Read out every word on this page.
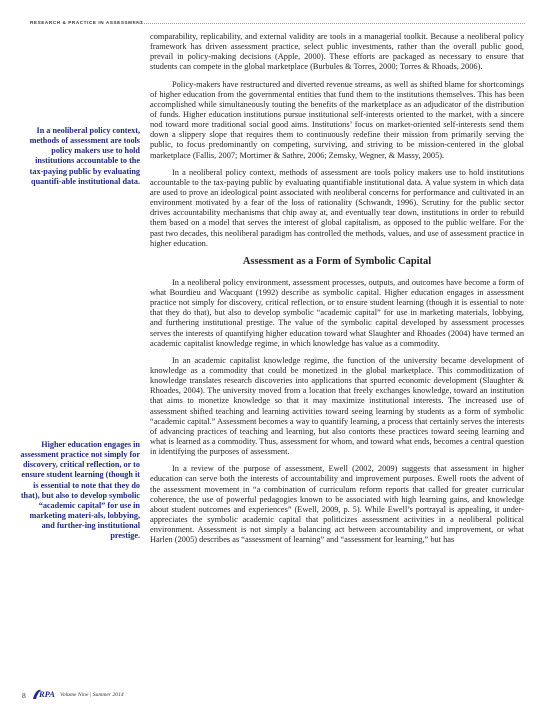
RESEARCH & PRACTICE IN ASSESSMENT
In a neoliberal policy context, methods of assessment are tools policy makers use to hold institutions accountable to the tax-paying public by evaluating quantifi-able institutional data.
Higher education engages in assessment practice not simply for discovery, critical reflection, or to ensure student learning (though it is essential to note that they do that), but also to develop symbolic “academic capital” for use in marketing materi-als, lobbying, and further-ing institutional prestige.

comparability, replicability, and external validity are tools in a managerial toolkit. Because a neoliberal policy framework has driven assessment practice, select public investments, rather than the overall public good, prevail in policy-making decisions (Apple, 2000). These efforts are packaged as necessary to ensure that students can compete in the global marketplace (Burbules & Torres, 2000; Torres & Rhoads, 2006).

Policy-makers have restructured and diverted revenue streams, as well as shifted blame for shortcomings of higher education from the governmental entities that fund them to the institutions themselves. This has been accomplished while simultaneously touting the benefits of the marketplace as an adjudicator of the distribution of funds. Higher education institutions pursue institutional self-interests oriented to the market, with a sincere nod toward more traditional social good aims. Institutions’ focus on market-oriented self-interests send them down a slippery slope that requires them to continuously redefine their mission from primarily serving the public, to focus predominantly on competing, surviving, and striving to be mission-centered in the global marketplace (Fallis, 2007; Mortimer & Sathre, 2006; Zemsky, Wegner, & Massy, 2005).

In a neoliberal policy context, methods of assessment are tools policy makers use to hold institutions accountable to the tax-paying public by evaluating quantifiable institutional data. A value system in which data are used to prove an ideological point associated with neoliberal concerns for performance and cultivated in an environment motivated by a fear of the loss of rationality (Schwandt, 1996). Scrutiny for the public sector drives accountability mechanisms that chip away at, and eventually tear down, institutions in order to rebuild them based on a model that serves the interest of global capitalism, as opposed to the public welfare. For the past two decades, this neoliberal paradigm has controlled the methods, values, and use of assessment practice in higher education.

Assessment as a Form of Symbolic Capital

In a neoliberal policy environment, assessment processes, outputs, and outcomes have become a form of what Bourdieu and Wacquant (1992) describe as symbolic capital. Higher education engages in assessment practice not simply for discovery, critical reflection, or to ensure student learning (though it is essential to note that they do that), but also to develop symbolic “academic capital” for use in marketing materials, lobbying, and furthering institutional prestige. The value of the symbolic capital developed by assessment processes serves the interests of quantifying higher education toward what Slaughter and Rhoades (2004) have termed an academic capitalist knowledge regime, in which knowledge has value as a commodity.

In an academic capitalist knowledge regime, the function of the university became development of knowledge as a commodity that could be monetized in the global marketplace. This commoditization of knowledge translates research discoveries into applications that spurred economic development (Slaughter & Rhoades, 2004). The university moved from a location that freely exchanges knowledge, toward an institution that aims to monetize knowledge so that it may maximize institutional interests. The increased use of assessment shifted teaching and learning activities toward seeing learning by students as a form of symbolic “academic capital.” Assessment becomes a way to quantify learning, a process that certainly serves the interests of advancing practices of teaching and learning, but also contorts these practices toward seeing learning and what is learned as a commodity. Thus, assessment for whom, and toward what ends, becomes a central question in identifying the purposes of assessment.

In a review of the purpose of assessment, Ewell (2002, 2009) suggests that assessment in higher education can serve both the interests of accountability and improvement purposes. Ewell roots the advent of the assessment movement in “a combination of curriculum reform reports that called for greater curricular coherence, the use of powerful pedagogies known to be associated with high learning gains, and knowledge about student outcomes and experiences” (Ewell, 2009, p. 5). While Ewell’s portrayal is appealing, it under-appreciates the symbolic academic capital that politicizes assessment activities in a neoliberal political environment. Assessment is not simply a balancing act between accountability and improvement, or what Harlen (2005) describes as “assessment of learning” and “assessment for learning,” but has

8 RPA Volume Nine | Summer 2014
